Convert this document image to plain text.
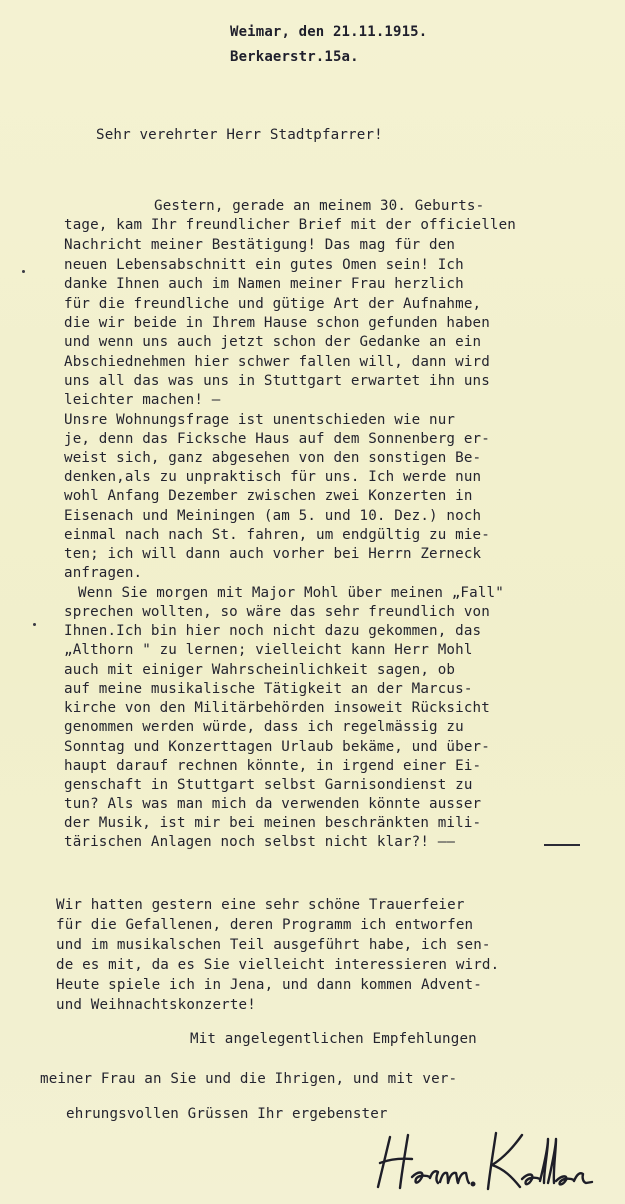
Weimar, den 21.11.1915.
Berkaerstr.15a.
Sehr verehrter Herr Stadtpfarrer!
Gestern, gerade an meinem 30. Geburts-
tage, kam Ihr freundlicher Brief mit der officiellen
Nachricht meiner Bestätigung! Das mag für den
neuen Lebensabschnitt ein gutes Omen sein! Ich
danke Ihnen auch im Namen meiner Frau herzlich
für die freundliche und gütige Art der Aufnahme,
die wir beide in Ihrem Hause schon gefunden haben
und wenn uns auch jetzt schon der Gedanke an ein
Abschiednehmen hier schwer fallen will, dann wird
uns all das was uns in Stuttgart erwartet ihn uns
leichter machen! —
Unsre Wohnungsfrage ist unentschieden wie nur
je, denn das Ficksche Haus auf dem Sonnenberg er-
weist sich, ganz abgesehen von den sonstigen Be-
denken,als zu unpraktisch für uns. Ich werde nun
wohl Anfang Dezember zwischen zwei Konzerten in
Eisenach und Meiningen (am 5. und 10. Dez.) noch
einmal nach nach St. fahren, um endgültig zu mie-
ten; ich will dann auch vorher bei Herrn Zerneck
anfragen.
Wenn Sie morgen mit Major Mohl über meinen „Fall"
sprechen wollten, so wäre das sehr freundlich von
Ihnen.Ich bin hier noch nicht dazu gekommen, das
„Althorn " zu lernen; vielleicht kann Herr Mohl
auch mit einiger Wahrscheinlichkeit sagen, ob
auf meine musikalische Tätigkeit an der Marcus-
kirche von den Militärbehörden insoweit Rücksicht
genommen werden würde, dass ich regelmässig zu
Sonntag und Konzerttagen Urlaub bekäme, und über-
haupt darauf rechnen könnte, in irgend einer Ei-
genschaft in Stuttgart selbst Garnisondienst zu
tun? Als was man mich da verwenden könnte ausser
der Musik, ist mir bei meinen beschränkten mili-
tärischen Anlagen noch selbst nicht klar?! ——
Wir hatten gestern eine sehr schöne Trauerfeier
für die Gefallenen, deren Programm ich entworfen
und im musikalschen Teil ausgeführt habe, ich sen-
de es mit, da es Sie vielleicht interessieren wird.
Heute spiele ich in Jena, und dann kommen Advent-
und Weihnachtskonzerte!
Mit angelegentlichen Empfehlungen
meiner Frau an Sie und die Ihrigen, und mit ver-
ehrungsvollen Grüssen Ihr ergebenster
